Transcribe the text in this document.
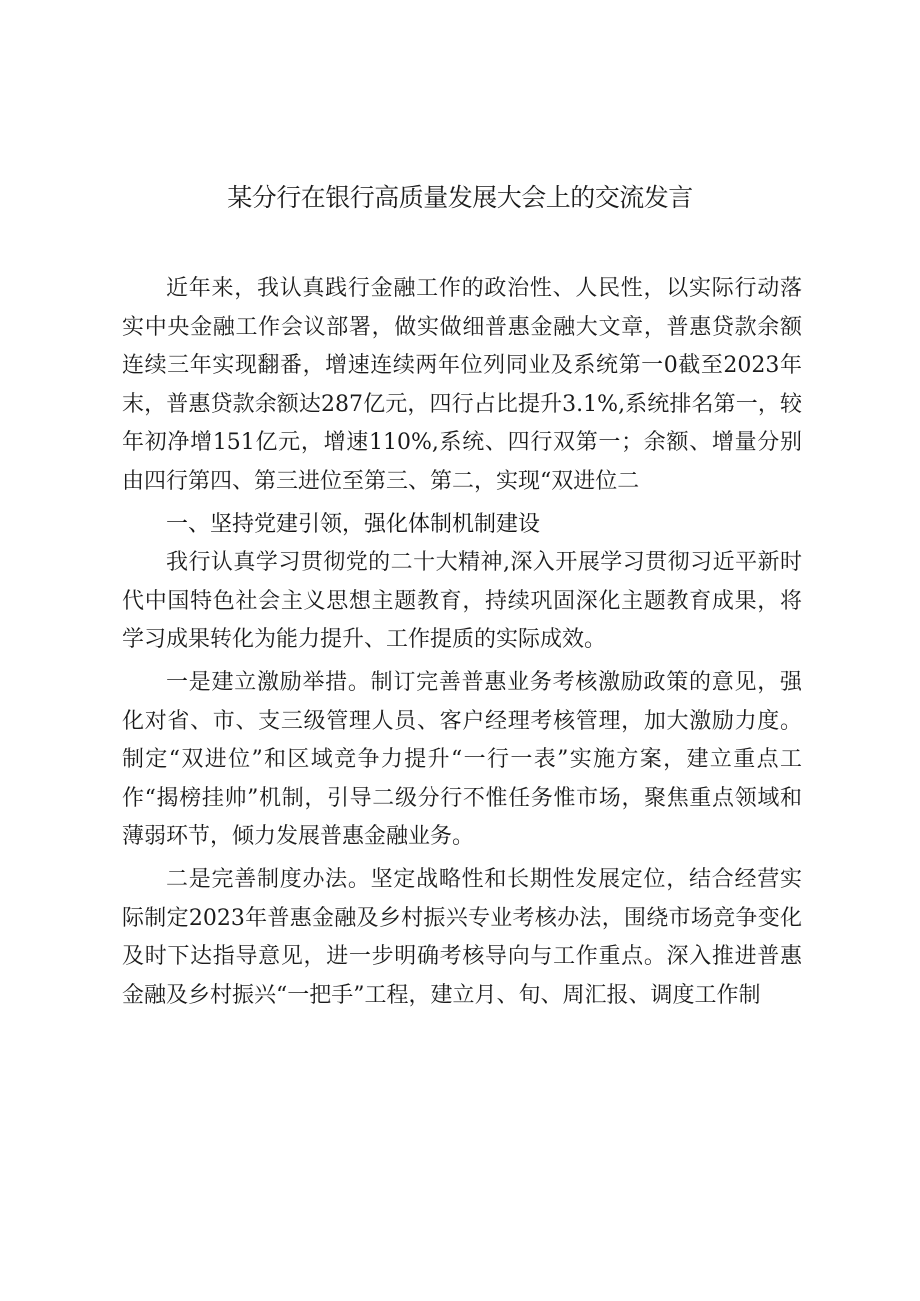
某分行在银行高质量发展大会上的交流发言

近年来，我认真践行金融工作的政治性、人民性，以实际行动落实中央金融工作会议部署，做实做细普惠金融大文章，普惠贷款余额连续三年实现翻番，增速连续两年位列同业及系统第一0截至2023年末，普惠贷款余额达287亿元，四行占比提升3.1%,系统排名第一，较年初净增151亿元，增速110%,系统、四行双第一；余额、增量分别由四行第四、第三进位至第三、第二，实现“双进位二

一、坚持党建引领，强化体制机制建设

我行认真学习贯彻党的二十大精神,深入开展学习贯彻习近平新时代中国特色社会主义思想主题教育，持续巩固深化主题教育成果，将学习成果转化为能力提升、工作提质的实际成效。

一是建立激励举措。制订完善普惠业务考核激励政策的意见，强化对省、市、支三级管理人员、客户经理考核管理，加大激励力度。制定“双进位”和区域竞争力提升“一行一表”实施方案，建立重点工作“揭榜挂帅”机制，引导二级分行不惟任务惟市场，聚焦重点领域和薄弱环节，倾力发展普惠金融业务。

二是完善制度办法。坚定战略性和长期性发展定位，结合经营实际制定2023年普惠金融及乡村振兴专业考核办法，围绕市场竞争变化及时下达指导意见，进一步明确考核导向与工作重点。深入推进普惠金融及乡村振兴“一把手”工程，建立月、旬、周汇报、调度工作制
